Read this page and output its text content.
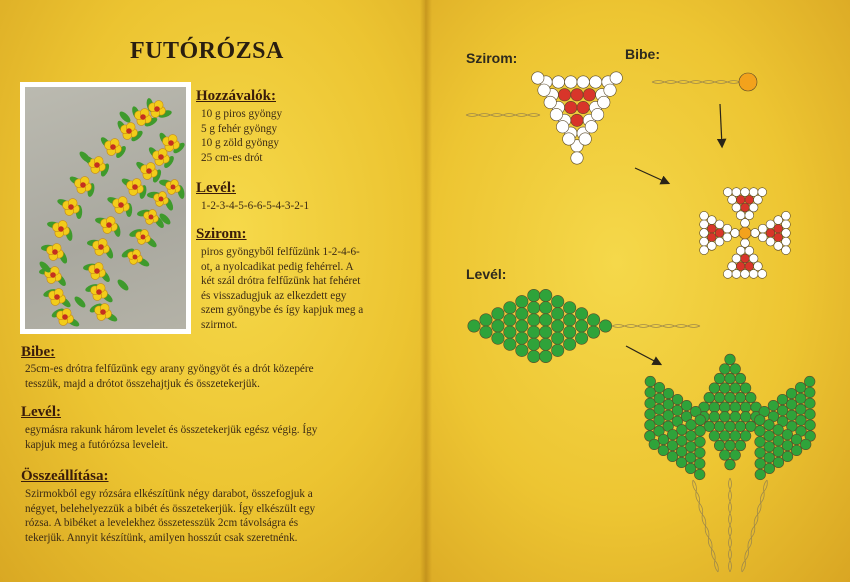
FUTÓRÓZSA
Hozzávalók:
10 g piros gyöngy
5 g fehér gyöngy
10 g zöld gyöngy
25 cm-es drót
Levél:
1-2-3-4-5-6-6-5-4-3-2-1
Szirom:
piros gyöngyből felfűzünk 1-2-4-6-
ot, a nyolcadikat pedig fehérrel. A
két szál drótra felfűzünk hat fehéret
és visszadugjuk az elkezdett egy
szem gyöngybe és így kapjuk meg a
szirmot.
Bibe:
25cm-es drótra felfűzünk egy arany gyöngyöt és a drót közepére
tesszük, majd a drótot összehajtjuk és összetekerjük.
Levél:
egymásra rakunk három levelet és összetekerjük egész végig. Így
kapjuk meg a futórózsa leveleit.
Összeállítása:
Szirmokból egy rózsára elkészítünk négy darabot, összefogjuk a
négyet, belehelyezzük a bibét és összetekerjük. Így elkészült egy
rózsa. A bibéket a levelekhez összetesszük 2cm távolságra és
tekerjük. Annyit készítünk, amilyen hosszút csak szeretnénk.
Szirom:	Bibe:
Levél:
